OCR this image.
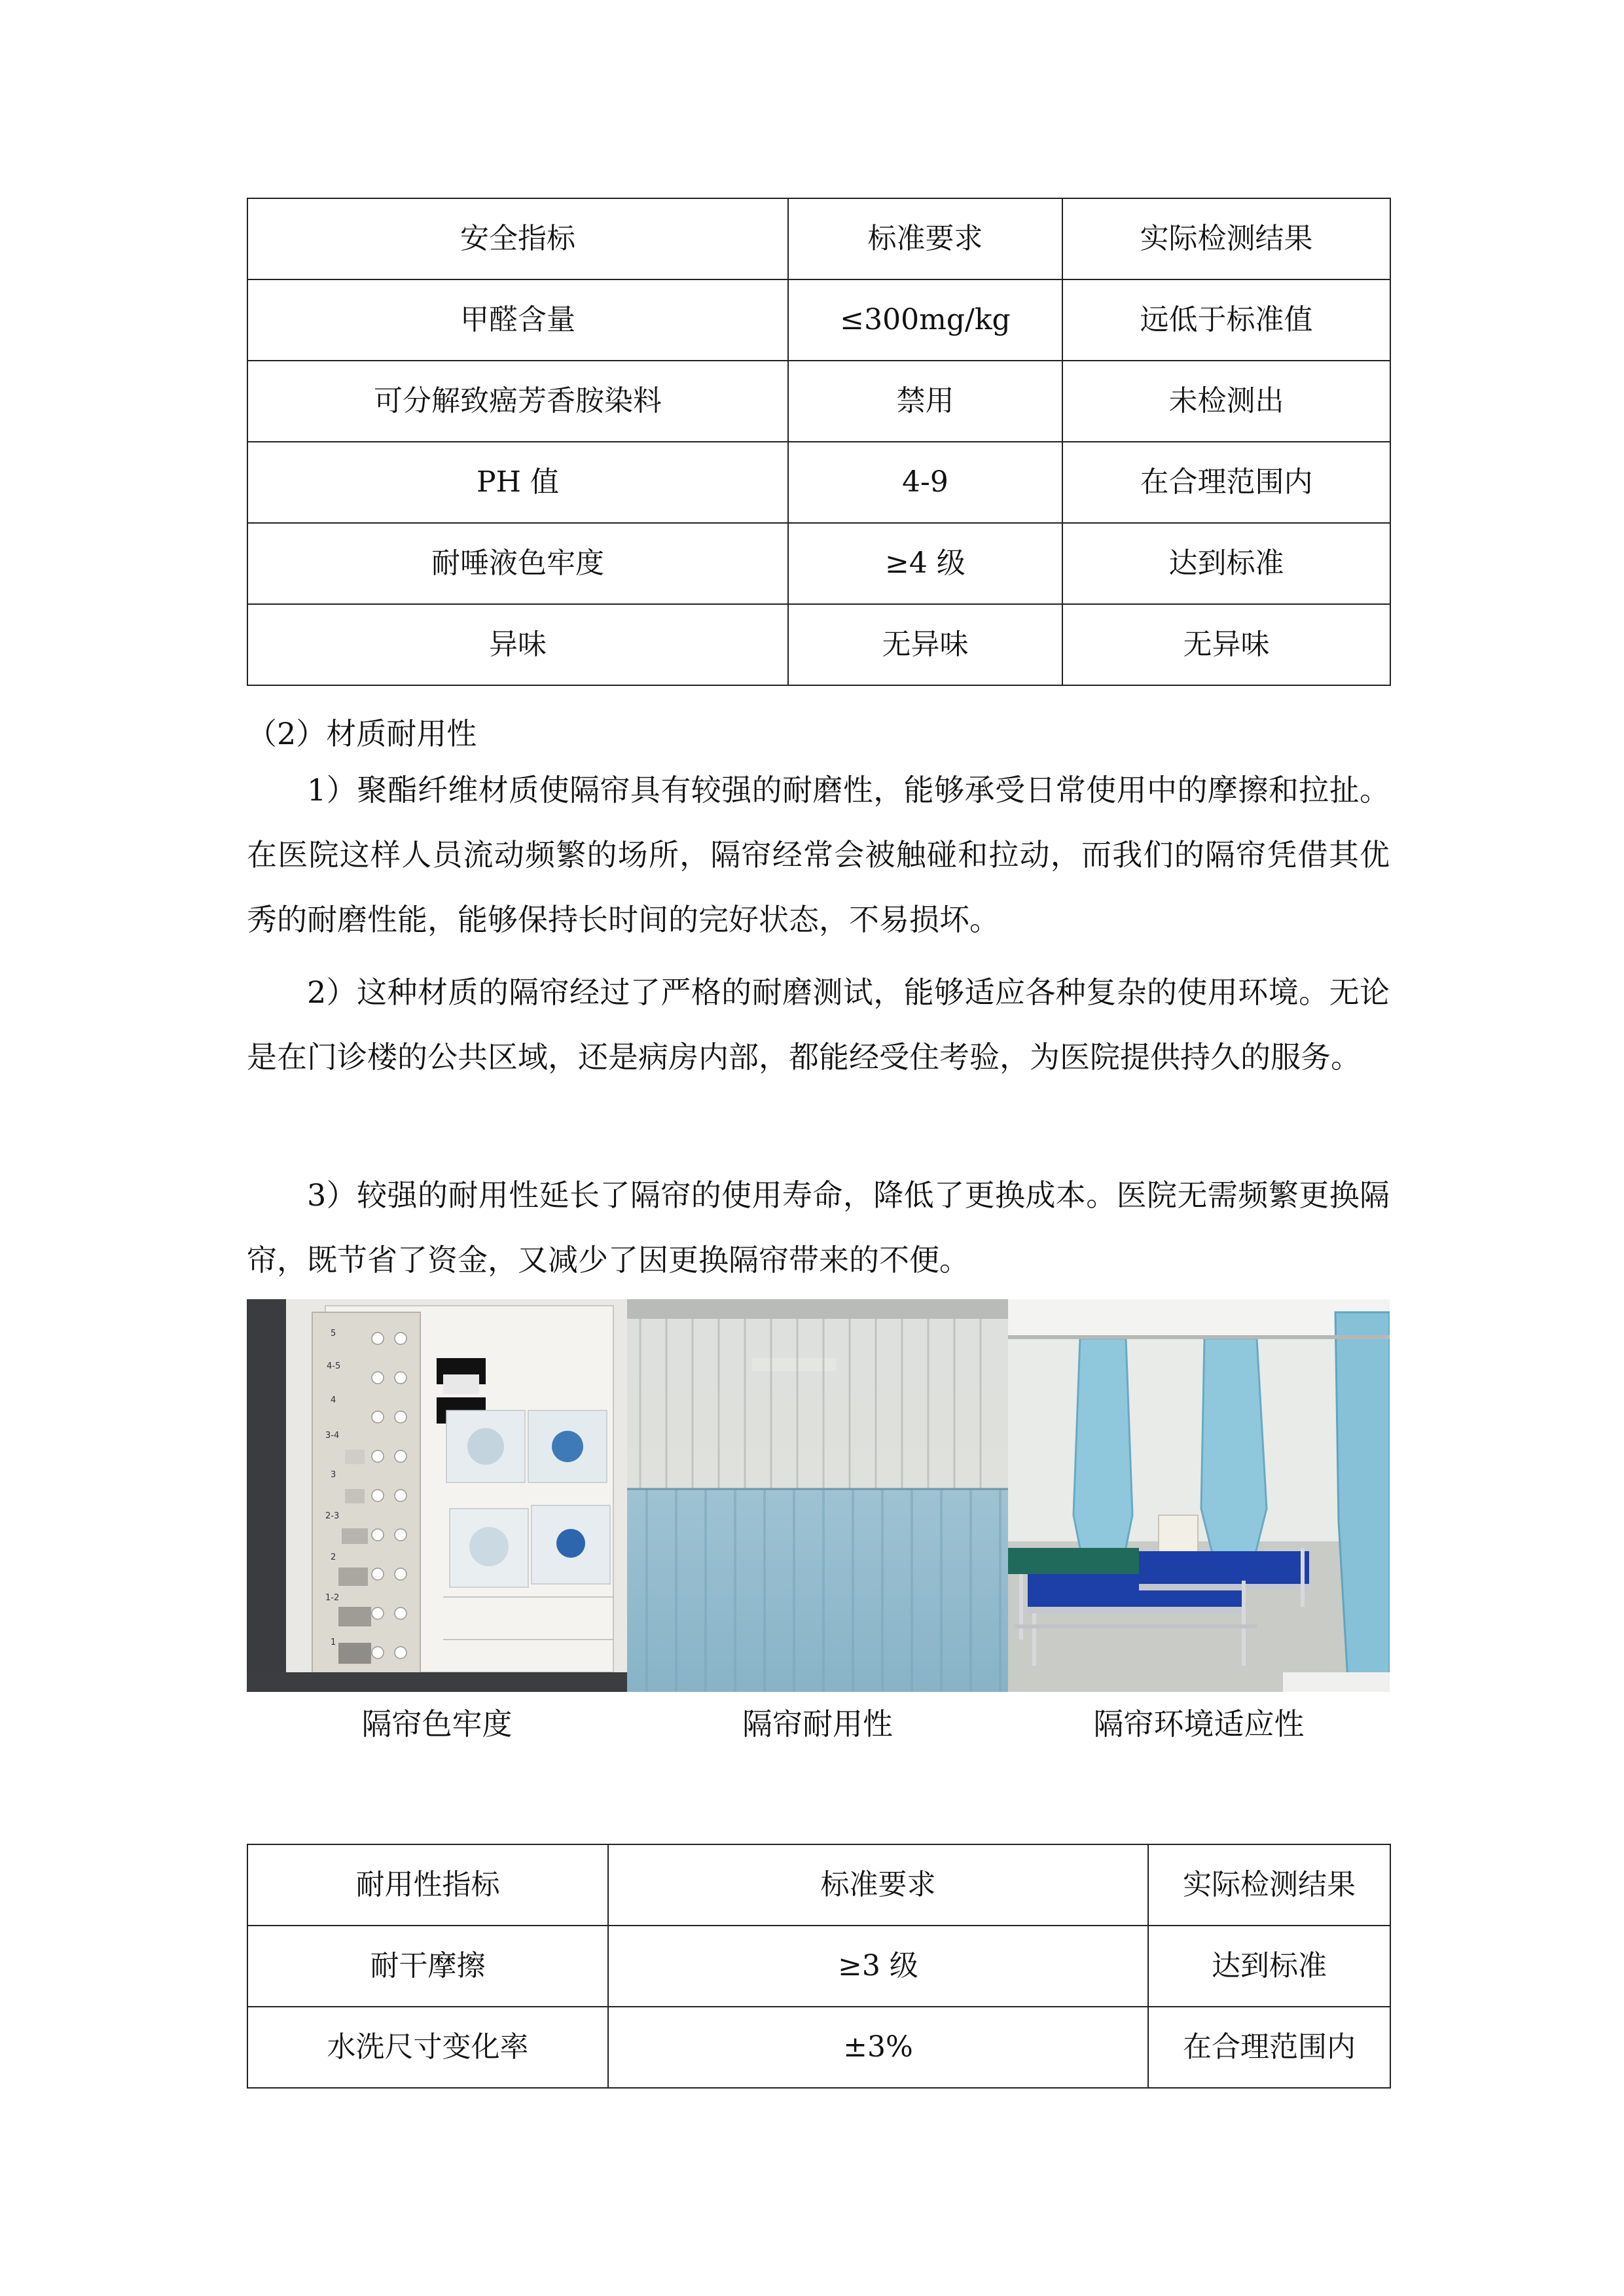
安全指标	标准要求	实际检测结果
甲醛含量	≤300mg/kg	远低于标准值
可分解致癌芳香胺染料	禁用	未检测出
PH 值	4-9	在合理范围内
耐唾液色牢度	≥4 级	达到标准
异味	无异味	无异味
（2）材质耐用性

1）聚酯纤维材质使隔帘具有较强的耐磨性，能够承受日常使用中的摩擦和拉扯。在医院这样人员流动频繁的场所，隔帘经常会被触碰和拉动，而我们的隔帘凭借其优秀的耐磨性能，能够保持长时间的完好状态，不易损坏。

2）这种材质的隔帘经过了严格的耐磨测试，能够适应各种复杂的使用环境。无论是在门诊楼的公共区域，还是病房内部，都能经受住考验，为医院提供持久的服务。

3）较强的耐用性延长了隔帘的使用寿命，降低了更换成本。医院无需频繁更换隔帘，既节省了资金，又减少了因更换隔帘带来的不便。

5
4-5
4
3-4
3
2-3
2
1-2
1
隔帘色牢度	隔帘耐用性	隔帘环境适应性
耐用性指标	标准要求	实际检测结果
耐干摩擦	≥3 级	达到标准
水洗尺寸变化率	±3%	在合理范围内
